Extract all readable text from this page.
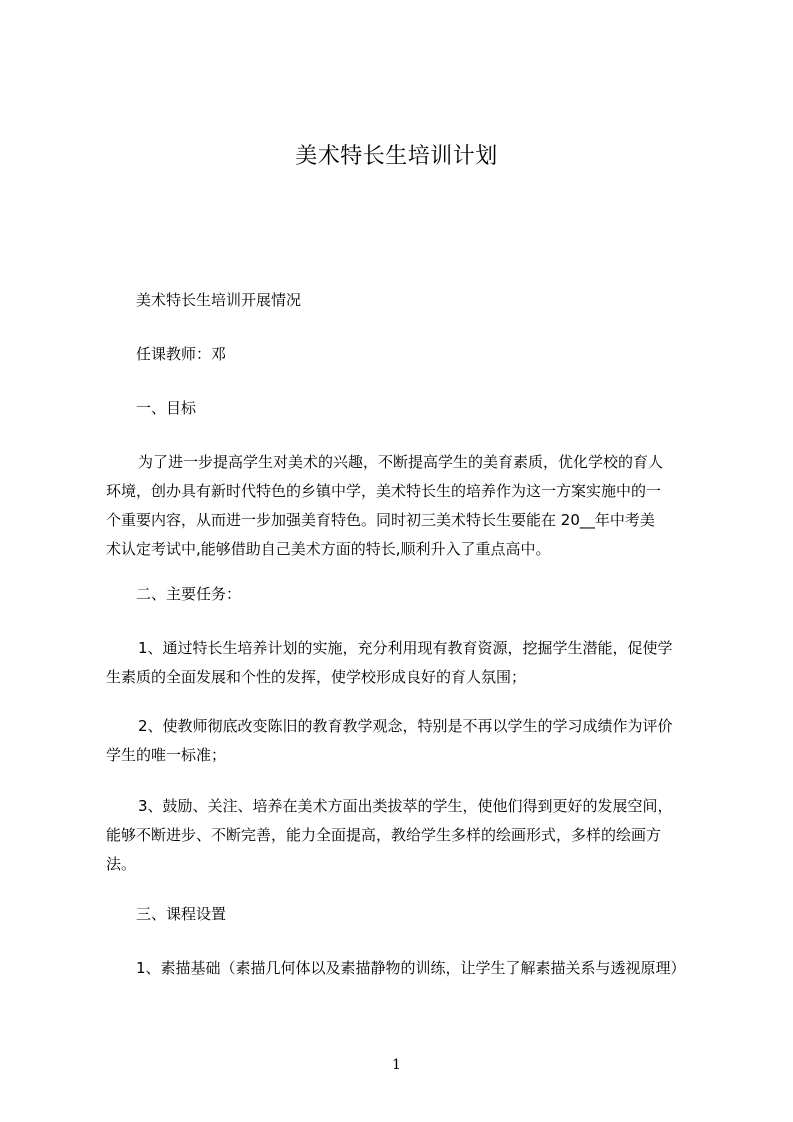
美术特长生培训计划
美术特长生培训开展情况
任课教师：邓
一、目标
为了进一步提高学生对美术的兴趣，不断提高学生的美育素质，优化学校的育人
环境，创办具有新时代特色的乡镇中学，美术特长生的培养作为这一方案实施中的一
个重要内容，从而进一步加强美育特色。同时初三美术特长生要能在 20__年中考美
术认定考试中,能够借助自己美术方面的特长,顺利升入了重点高中。
二、主要任务：
1、通过特长生培养计划的实施，充分利用现有教育资源，挖掘学生潜能，促使学
生素质的全面发展和个性的发挥，使学校形成良好的育人氛围；
2、使教师彻底改变陈旧的教育教学观念，特别是不再以学生的学习成绩作为评价
学生的唯一标准；
3、鼓励、关注、培养在美术方面出类拔萃的学生，使他们得到更好的发展空间，
能够不断进步、不断完善，能力全面提高，教给学生多样的绘画形式，多样的绘画方
法。
三、课程设置
1、素描基础（素描几何体以及素描静物的训练，让学生了解素描关系与透视原理）
1
